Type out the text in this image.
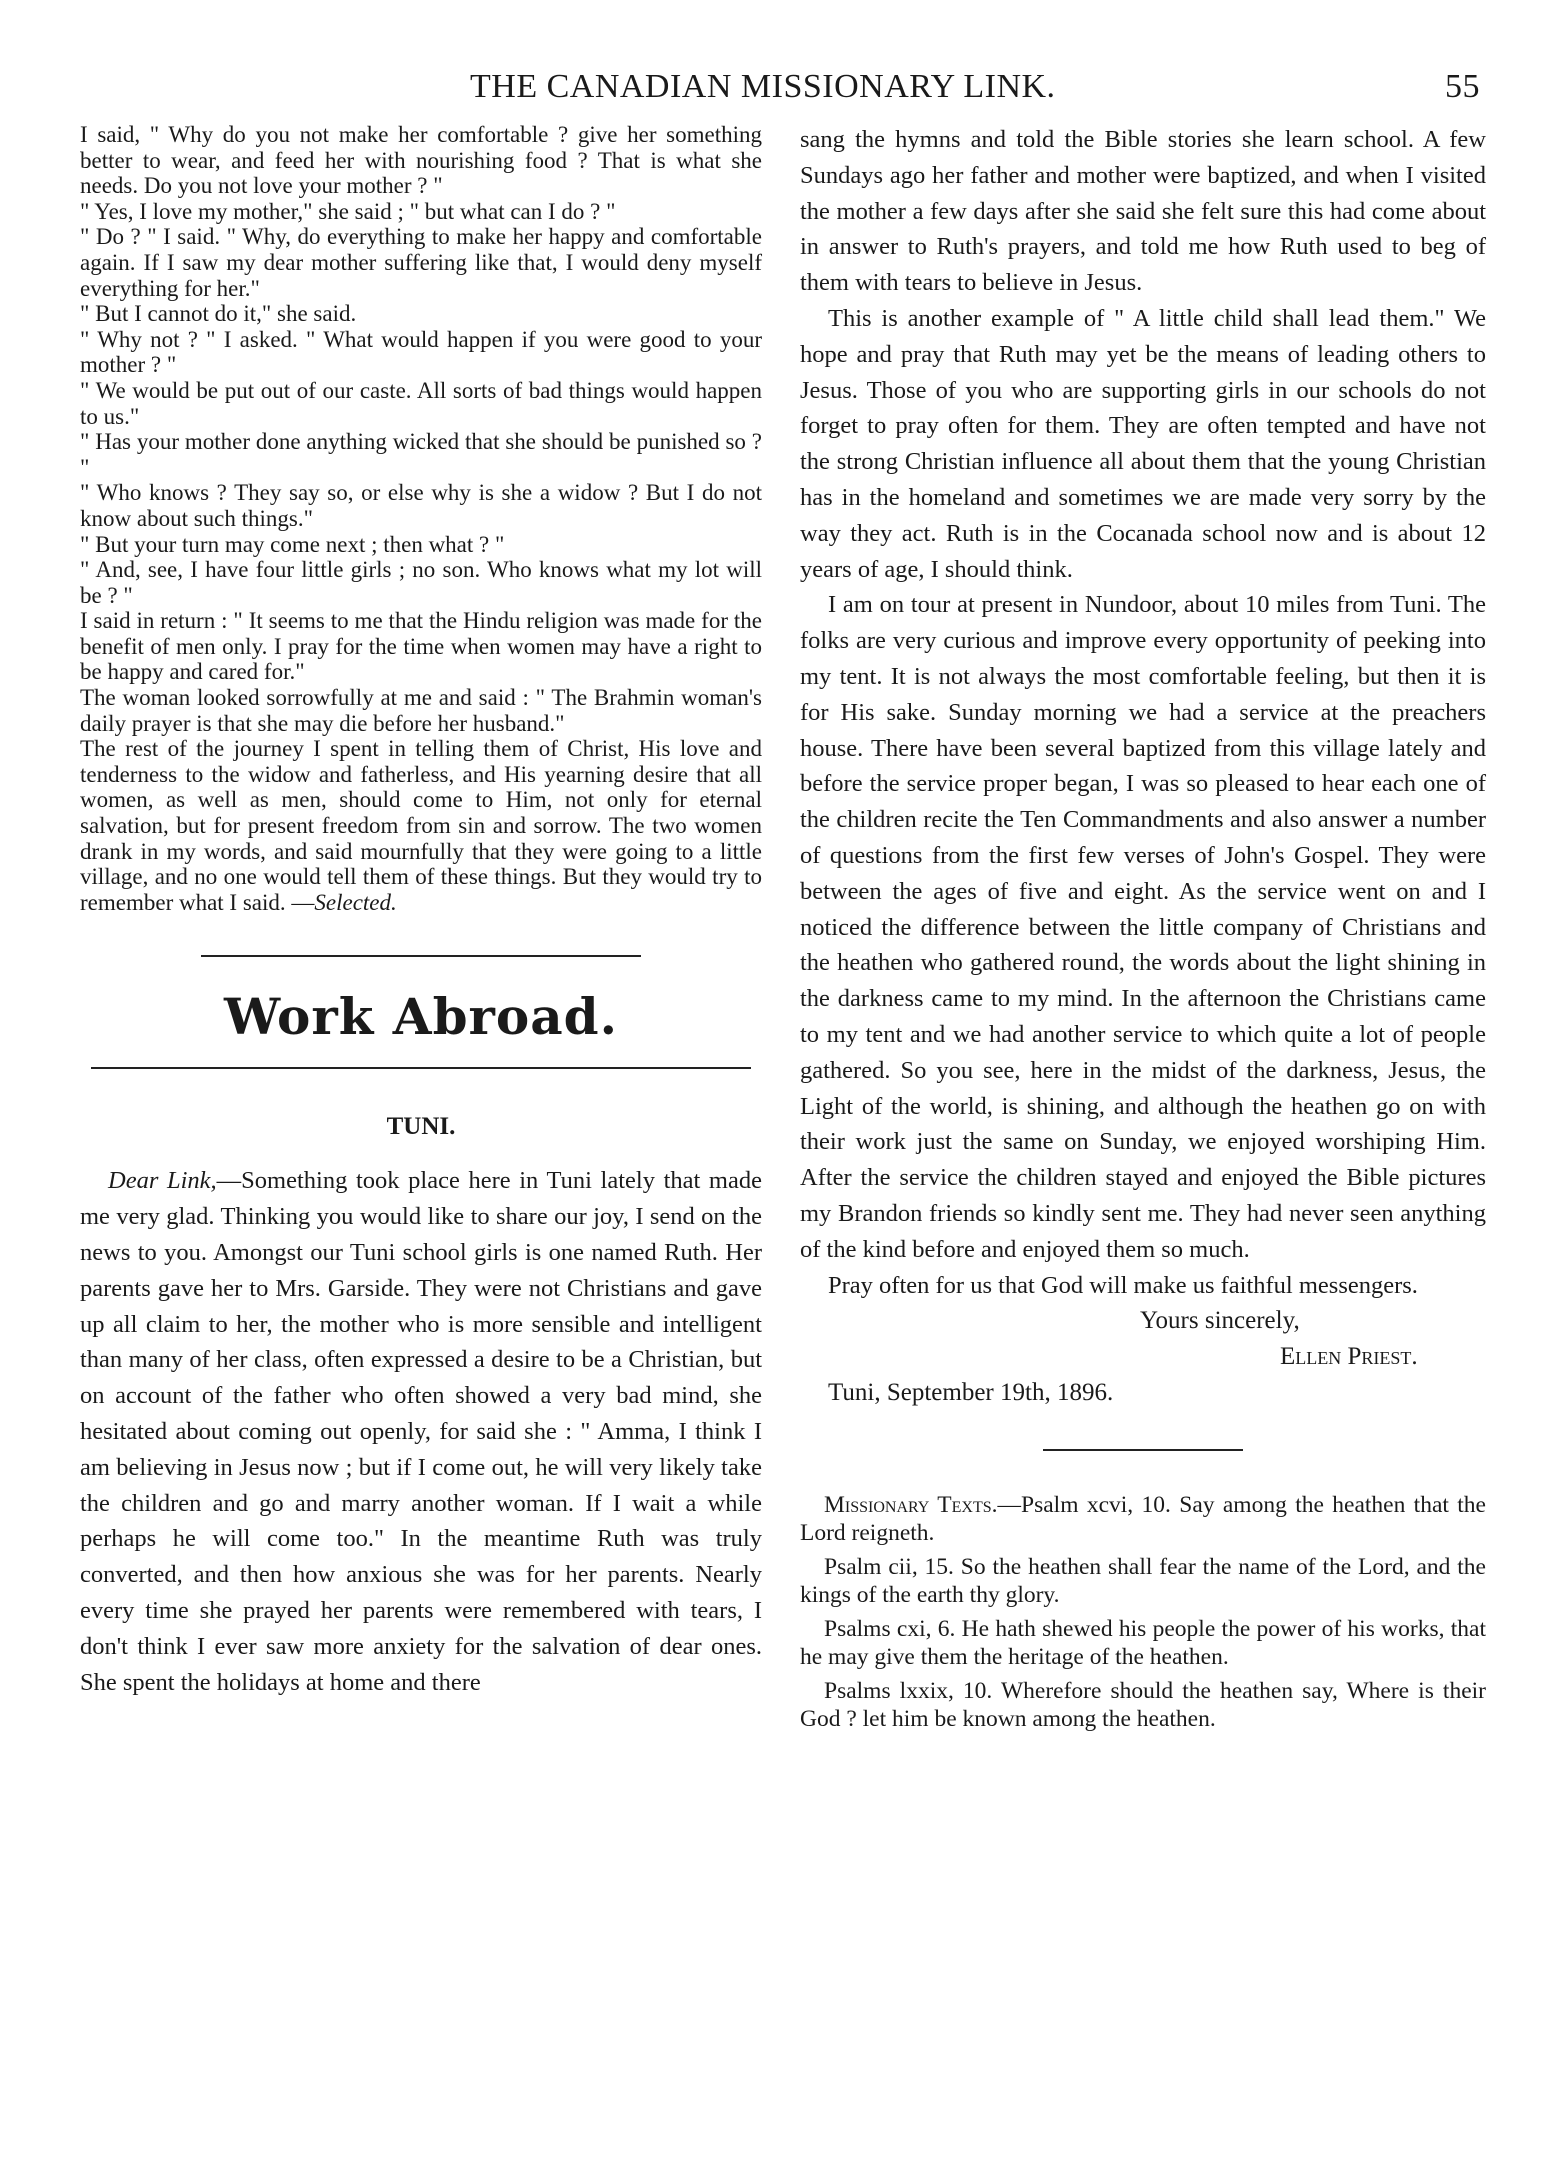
THE CANADIAN MISSIONARY LINK.	55

I said, " Why do you not make her comfortable ? give her something better to wear, and feed her with nourishing food ? That is what she needs. Do you not love your mother ? "

" Yes, I love my mother," she said ; " but what can I do ? "

" Do ? " I said. " Why, do everything to make her happy and comfortable again. If I saw my dear mother suffering like that, I would deny myself everything for her."

" But I cannot do it," she said.

" Why not ? " I asked. " What would happen if you were good to your mother ? "

" We would be put out of our caste. All sorts of bad things would happen to us."

" Has your mother done anything wicked that she should be punished so ? "

" Who knows ? They say so, or else why is she a widow ? But I do not know about such things."

" But your turn may come next ; then what ? "

" And, see, I have four little girls ; no son. Who knows what my lot will be ? "

I said in return : " It seems to me that the Hindu religion was made for the benefit of men only. I pray for the time when women may have a right to be happy and cared for."

The woman looked sorrowfully at me and said : " The Brahmin woman's daily prayer is that she may die before her husband."

The rest of the journey I spent in telling them of Christ, His love and tenderness to the widow and fatherless, and His yearning desire that all women, as well as men, should come to Him, not only for eternal salvation, but for present freedom from sin and sorrow. The two women drank in my words, and said mournfully that they were going to a little village, and no one would tell them of these things. But they would try to remember what I said. —Selected.

Work Abroad.
TUNI.

Dear Link,—Something took place here in Tuni lately that made me very glad. Thinking you would like to share our joy, I send on the news to you. Amongst our Tuni school girls is one named Ruth. Her parents gave her to Mrs. Garside. They were not Christians and gave up all claim to her, the mother who is more sensible and intelligent than many of her class, often expressed a desire to be a Christian, but on account of the father who often showed a very bad mind, she hesitated about coming out openly, for said she : " Amma, I think I am believing in Jesus now ; but if I come out, he will very likely take the children and go and marry another woman. If I wait a while perhaps he will come too." In the meantime Ruth was truly converted, and then how anxious she was for her parents. Nearly every time she prayed her parents were remembered with tears, I don't think I ever saw more anxiety for the salvation of dear ones. She spent the holidays at home and there

sang the hymns and told the Bible stories she learn school. A few Sundays ago her father and mother were baptized, and when I visited the mother a few days after she said she felt sure this had come about in answer to Ruth's prayers, and told me how Ruth used to beg of them with tears to believe in Jesus.

This is another example of " A little child shall lead them." We hope and pray that Ruth may yet be the means of leading others to Jesus. Those of you who are supporting girls in our schools do not forget to pray often for them. They are often tempted and have not the strong Christian influence all about them that the young Christian has in the homeland and sometimes we are made very sorry by the way they act. Ruth is in the Cocanada school now and is about 12 years of age, I should think.

I am on tour at present in Nundoor, about 10 miles from Tuni. The folks are very curious and improve every opportunity of peeking into my tent. It is not always the most comfortable feeling, but then it is for His sake. Sunday morning we had a service at the preachers house. There have been several baptized from this village lately and before the service proper began, I was so pleased to hear each one of the children recite the Ten Commandments and also answer a number of questions from the first few verses of John's Gospel. They were between the ages of five and eight. As the service went on and I noticed the difference between the little company of Christians and the heathen who gathered round, the words about the light shining in the darkness came to my mind. In the afternoon the Christians came to my tent and we had another service to which quite a lot of people gathered. So you see, here in the midst of the darkness, Jesus, the Light of the world, is shining, and although the heathen go on with their work just the same on Sunday, we enjoyed worshiping Him. After the service the children stayed and enjoyed the Bible pictures my Brandon friends so kindly sent me. They had never seen anything of the kind before and enjoyed them so much.

Pray often for us that God will make us faithful messengers.

Yours sincerely,
Ellen Priest.
Tuni, September 19th, 1896.

Missionary Texts.—Psalm xcvi, 10. Say among the heathen that the Lord reigneth.

Psalm cii, 15. So the heathen shall fear the name of the Lord, and the kings of the earth thy glory.

Psalms cxi, 6. He hath shewed his people the power of his works, that he may give them the heritage of the heathen.

Psalms lxxix, 10. Wherefore should the heathen say, Where is their God ? let him be known among the heathen.
